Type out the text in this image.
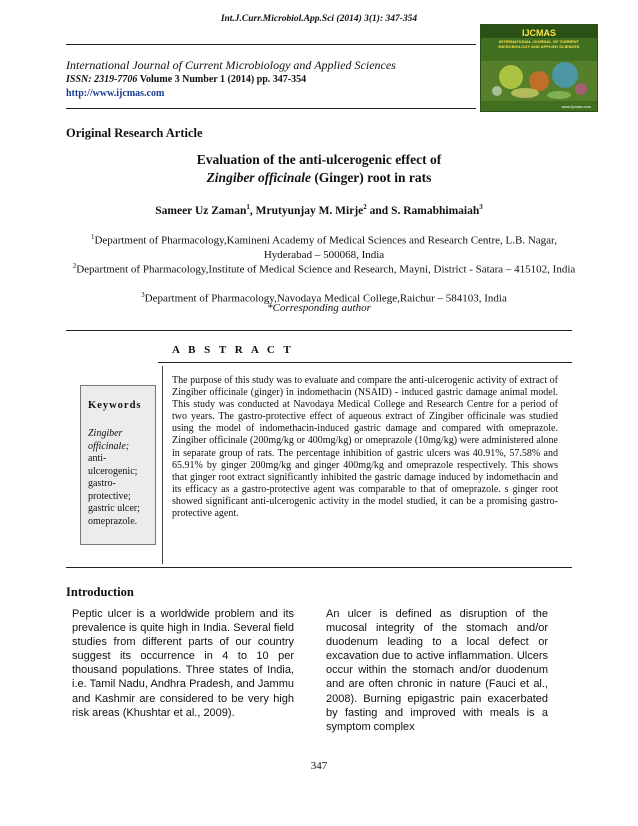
Int.J.Curr.Microbiol.App.Sci (2014) 3(1): 347-354
International Journal of Current Microbiology and Applied Sciences
ISSN: 2319-7706 Volume 3 Number 1 (2014) pp. 347-354
http://www.ijcmas.com
IJCMAS
INTERNATIONAL JOURNAL OF CURRENT MICROBIOLOGY AND APPLIED SCIENCES
www.ijcmas.com
Original Research Article
Evaluation of the anti-ulcerogenic effect of
Zingiber officinale (Ginger) root in rats
Sameer Uz Zaman$^1$, Mrutyunjay M. Mirje$^2$ and S. Ramabhimaiah$^3$
$^1$Department of Pharmacology,Kamineni Academy of Medical Sciences and Research Centre, L.B. Nagar, Hyderabad – 500068, India
$^2$Department of Pharmacology,Institute of Medical Science and Research, Mayni, District - Satara – 415102, India
$^3$Department of Pharmacology,Navodaya Medical College,Raichur – 584103, India
*Corresponding author
A B S T R A C T
Keywords
Zingiber
officinale;
anti-
ulcerogenic;
gastro-
protective;
gastric ulcer;
omeprazole.
The purpose of this study was to evaluate and compare the anti-ulcerogenic activity of extract of Zingiber officinale (ginger) in indomethacin (NSAID) - induced gastric damage animal model. This study was conducted at Navodaya Medical College and Research Centre for a period of two years. The gastro-protective effect of aqueous extract of Zingiber officinale was studied using the model of indomethacin-induced gastric damage and compared with omeprazole. Zingiber officinale (200mg/kg or 400mg/kg) or omeprazole (10mg/kg) were administered alone in separate group of rats. The percentage inhibition of gastric ulcers was 40.91%, 57.58% and 65.91% by ginger 200mg/kg and ginger 400mg/kg and omeprazole respectively. This shows that ginger root extract significantly inhibited the gastric damage induced by indomethacin and its efficacy as a gastro-protective agent was comparable to that of omeprazole. s ginger root showed significant anti-ulcerogenic activity in the model studied, it can be a promising gastro-protective agent.
Introduction
Peptic ulcer is a worldwide problem and its prevalence is quite high in India. Several field studies from different parts of our country suggest its occurrence in 4 to 10 per thousand populations. Three states of India, i.e. Tamil Nadu, Andhra Pradesh, and Jammu and Kashmir are considered to be very high risk areas (Khushtar et al., 2009).
An ulcer is defined as disruption of the mucosal integrity of the stomach and/or duodenum leading to a local defect or excavation due to active inflammation. Ulcers occur within the stomach and/or duodenum and are often chronic in nature (Fauci et al., 2008). Burning epigastric pain exacerbated by fasting and improved with meals is a symptom complex
347
